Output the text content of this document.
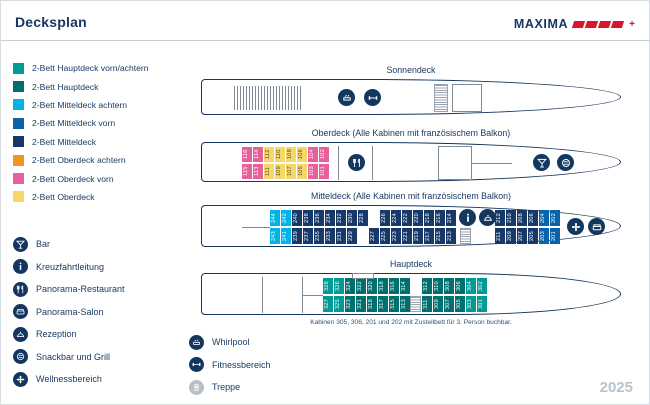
Decksplan	MAXIMA	+
2-Bett Hauptdeck vorn/achtern
2-Bett Hauptdeck
2-Bett Mitteldeck achtern
2-Bett Mitteldeck vorn
2-Bett Mitteldeck
2-Bett Oberdeck achtern
2-Bett Oberdeck vorn
2-Bett Oberdeck
Bar
Kreuzfahrtleitung
Panorama-Restaurant
Panorama-Salon
Rezeption
Snackbar und Grill
Wellnessbereich
Whirlpool
Fitnessbereich
Treppe
Sonnendeck
Oberdeck (Alle Kabinen mit französischem Balkon)
116 114 112 110 108 106 104 102
115 113 111 109 107 105 103 101
Mitteldeck (Alle Kabinen mit französischem Balkon)
244 242 240 238 236 234 232 230 228	226 224 222 220 218 216 214	212 210 208 206 204 202
243 241 239 237 235 233 231 229	227 225 223 221 219 217 215 213	211 209 207 205 203 201
Hauptdeck
328 326 324 322 320 318 316 314	312 310 308 306 304 302
327 325 323 321 319 317 315 313	311 309 307 305 303 301
Kabinen 305, 306, 201 und 202 mit Zustellbett für 3. Person buchbar.
2025
